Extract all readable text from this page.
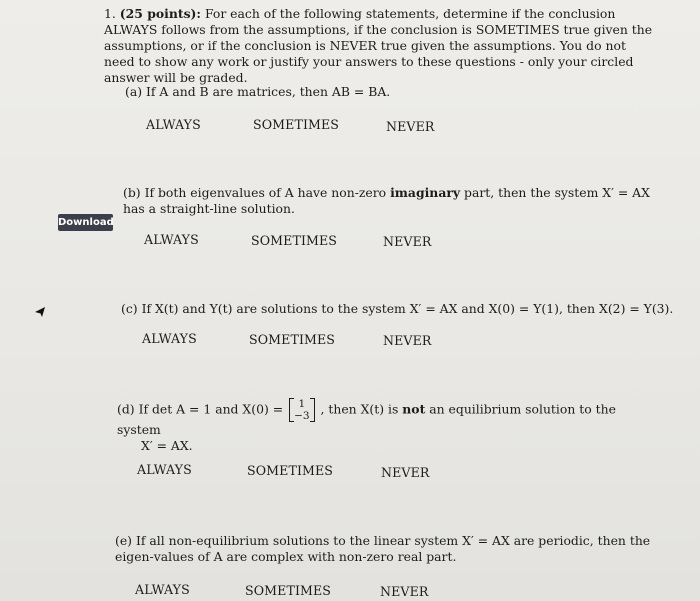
1. (25 points): For each of the following statements, determine if the conclusion ALWAYS follows from the assumptions, if the conclusion is SOMETIMES true given the assumptions, or if the conclusion is NEVER true given the assumptions. You do not need to show any work or justify your answers to these questions - only your circled answer will be graded.

(a) If A and B are matrices, then AB = BA.

ALWAYS	SOMETIMES	NEVER

(b) If both eigenvalues of A have non-zero imaginary part, then the system X′ = AX has a straight-line solution.

ALWAYS	SOMETIMES	NEVER
Download

(c) If X(t) and Y(t) are solutions to the system X′ = AX and X(0) = Y(1), then X(2) = Y(3).

ALWAYS	SOMETIMES	NEVER

(d) If det A = 1 and X(0) = 1
−3 , then X(t) is not an equilibrium solution to the system
X′ = AX.

ALWAYS	SOMETIMES	NEVER

(e) If all non-equilibrium solutions to the linear system X′ = AX are periodic, then the eigen-values of A are complex with non-zero real part.

ALWAYS	SOMETIMES	NEVER
